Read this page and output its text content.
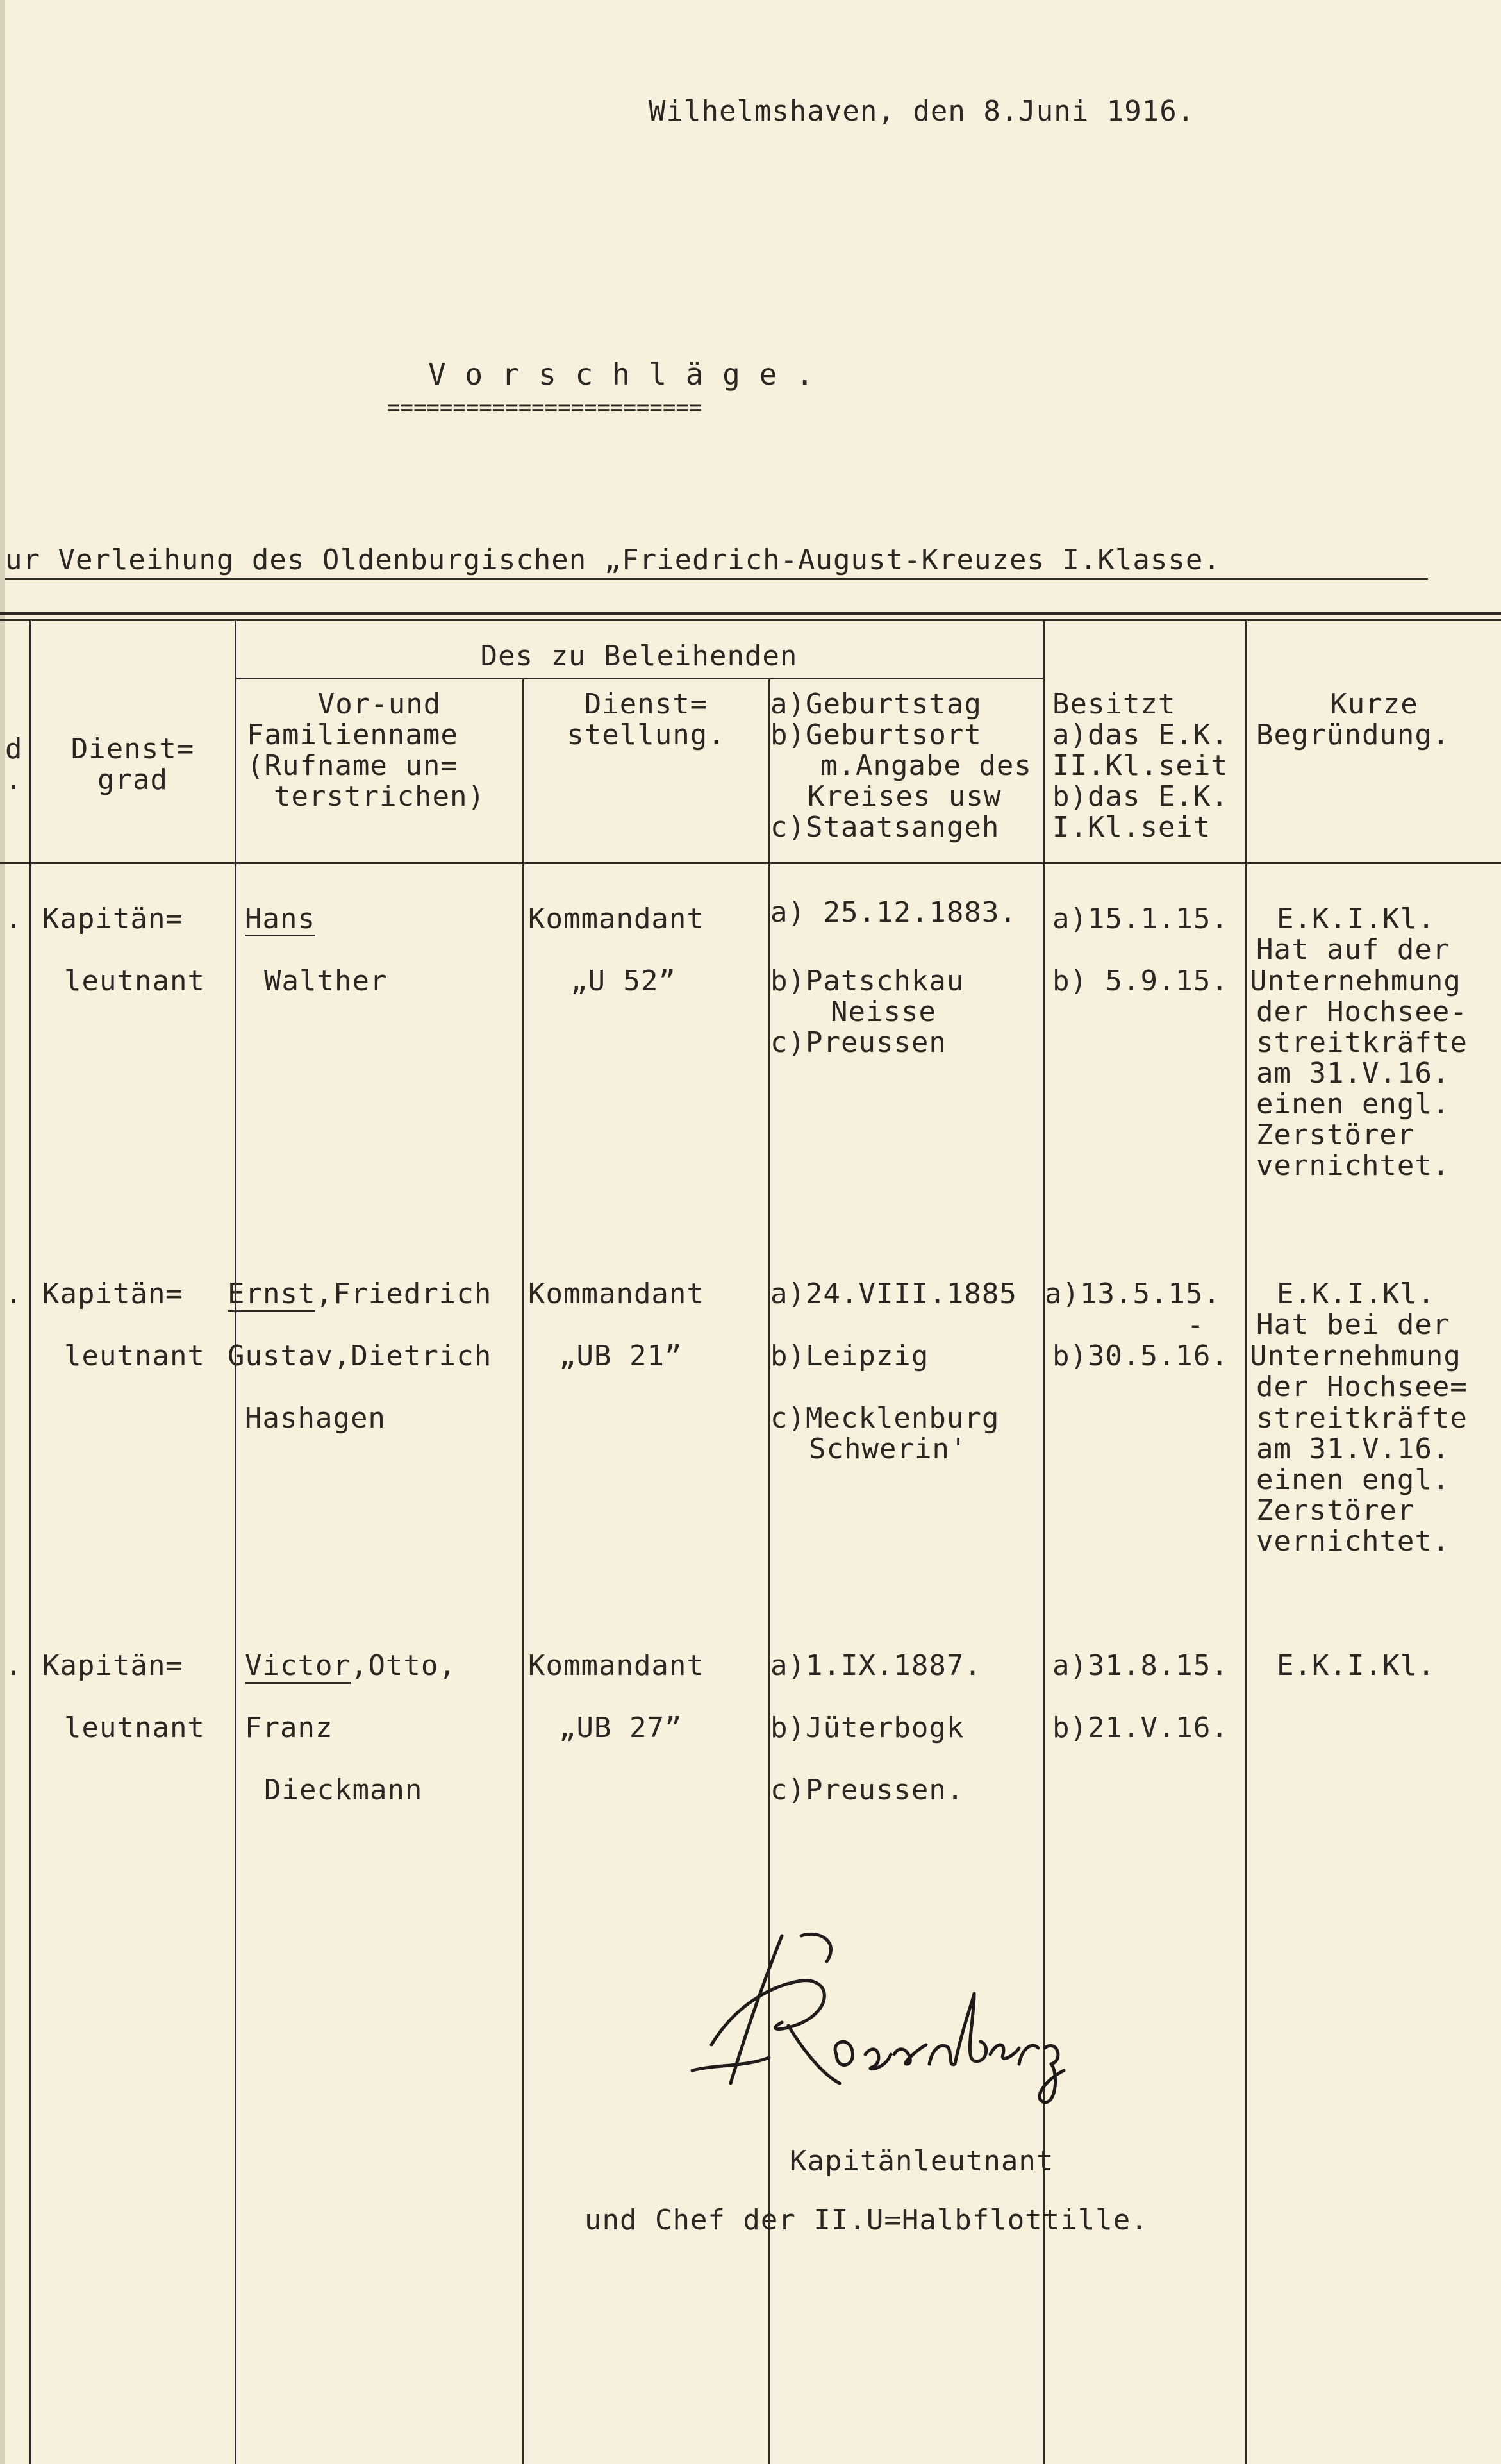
Wilhelmshaven, den 8.Juni 1916.
V o r s c h l ä g e .
========================
ur Verleihung des Oldenburgischen „Friedrich-August-Kreuzes I.Klasse.
Des zu Beleihenden
d
.
Dienst=
grad
Vor-und
Familienname
(Rufname un=
terstrichen)
Dienst=
stellung.
a)Geburtstag
b)Geburtsort
m.Angabe des
Kreises usw
c)Staatsangeh
Besitzt
a)das E.K.
II.Kl.seit
b)das E.K.
I.Kl.seit
Kurze
Begründung.
. Kapitän=
leutnant
Hans
Walther
Kommandant
„U 52”
a) 25.12.1883.
b)Patschkau
Neisse
c)Preussen
a)15.1.15.
b) 5.9.15.
E.K.I.Kl.
Hat auf der
Unternehmung
der Hochsee-
streitkräfte
am 31.V.16.
einen engl.
Zerstörer
vernichtet.
. Kapitän=
leutnant
Ernst,Friedrich
Gustav,Dietrich
Hashagen
Kommandant
„UB 21”
a)24.VIII.1885
b)Leipzig
c)Mecklenburg
Schwerin'
a)13.5.15.
-
b)30.5.16.
E.K.I.Kl.
Hat bei der
Unternehmung
der Hochsee=
streitkräfte
am 31.V.16.
einen engl.
Zerstörer
vernichtet.
. Kapitän=
leutnant
Victor,Otto,
Franz
Dieckmann
Kommandant
„UB 27”
a)1.IX.1887.
b)Jüterbogk
c)Preussen.
a)31.8.15.
b)21.V.16.
E.K.I.Kl.
Kapitänleutnant
und Chef der II.U=Halbflottille.
